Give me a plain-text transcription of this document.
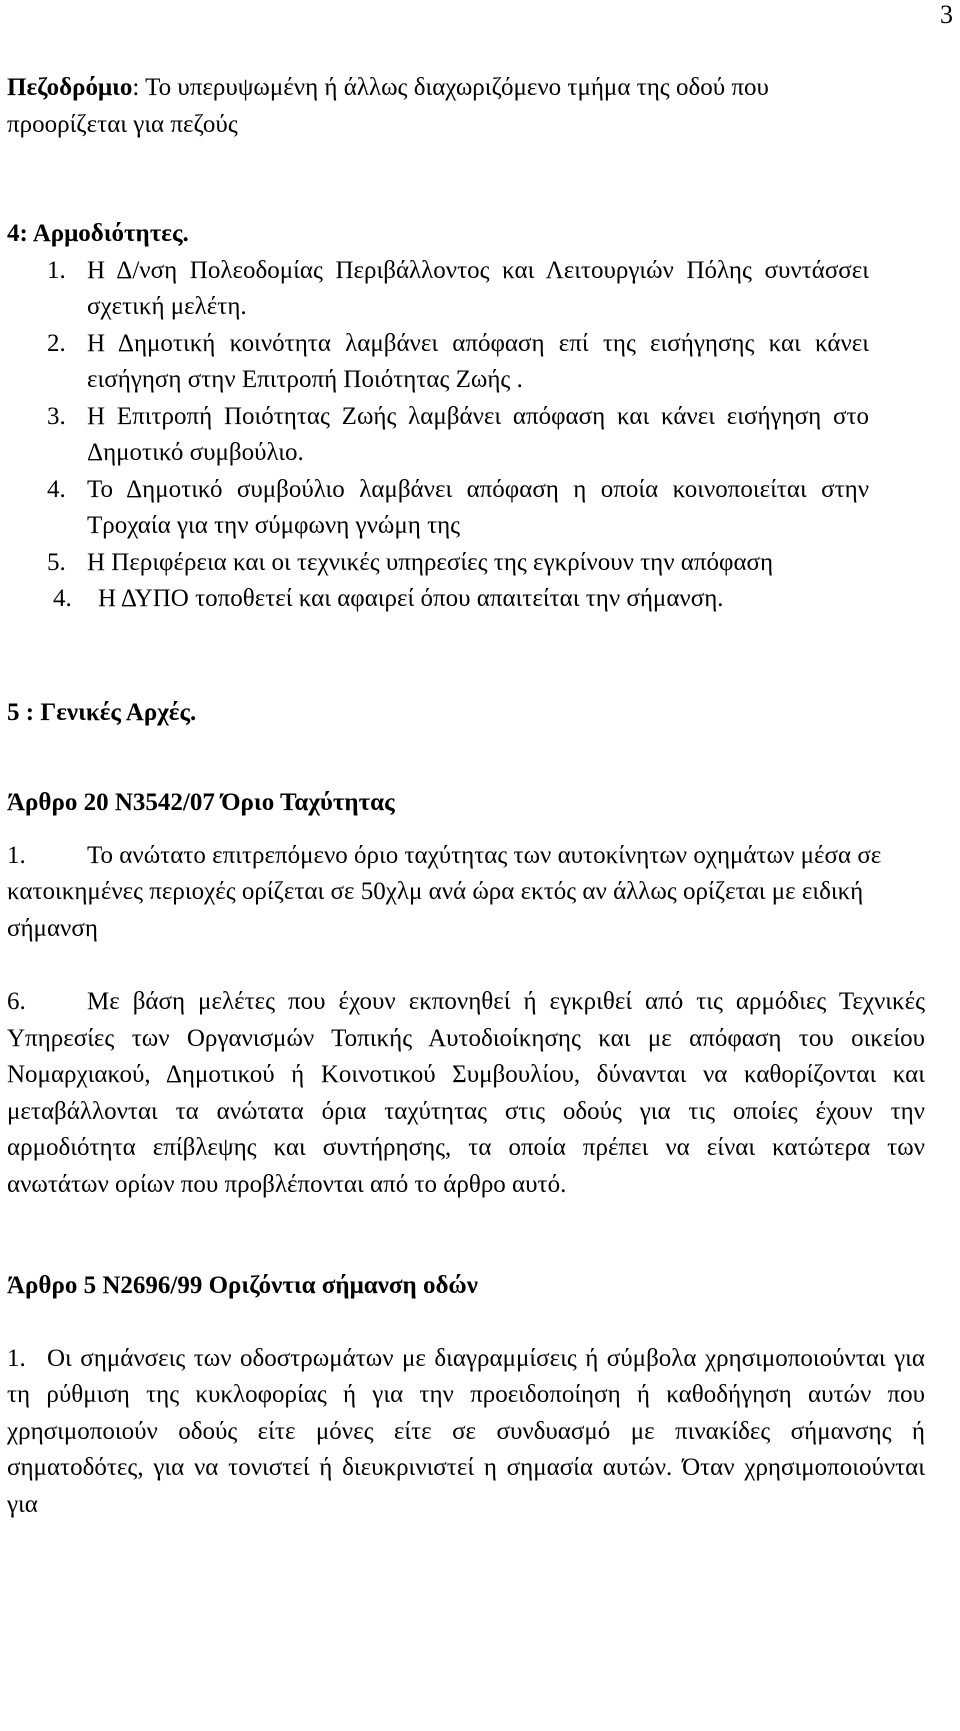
3

Πεζοδρόμιο: Το υπερυψωμένη ή άλλως διαχωριζόμενο τμήμα της οδού που προορίζεται για πεζούς

4: Αρμοδιότητες.

1. Η Δ/νση Πολεοδομίας Περιβάλλοντος και Λειτουργιών Πόλης συντάσσει σχετική μελέτη.
2. Η Δημοτική κοινότητα λαμβάνει απόφαση επί της εισήγησης και κάνει εισήγηση στην Επιτροπή Ποιότητας Ζωής .
3. Η Επιτροπή Ποιότητας Ζωής λαμβάνει απόφαση και κάνει εισήγηση στο Δημοτικό συμβούλιο.
4. Το Δημοτικό συμβούλιο λαμβάνει απόφαση η οποία κοινοποιείται στην Τροχαία για την σύμφωνη γνώμη της
5. Η Περιφέρεια και οι τεχνικές υπηρεσίες της εγκρίνουν την απόφαση
4. Η ΔΥΠΟ τοποθετεί και αφαιρεί όπου απαιτείται την σήμανση.

5 : Γενικές Αρχές.

Άρθρο 20 Ν3542/07 Όριο Ταχύτητας

1. Το ανώτατο επιτρεπόμενο όριο ταχύτητας των αυτοκίνητων οχημάτων μέσα σε κατοικημένες περιοχές ορίζεται σε 50χλμ ανά ώρα εκτός αν άλλως ορίζεται με ειδική σήμανση

6. Με βάση μελέτες που έχουν εκπονηθεί ή εγκριθεί από τις αρμόδιες Τεχνικές Υπηρεσίες των Οργανισμών Τοπικής Αυτοδιοίκησης και με απόφαση του οικείου Νομαρχιακού, Δημοτικού ή Κοινοτικού Συμβουλίου, δύνανται να καθορίζονται και μεταβάλλονται τα ανώτατα όρια ταχύτητας στις οδούς για τις οποίες έχουν την αρμοδιότητα επίβλεψης και συντήρησης, τα οποία πρέπει να είναι κατώτερα των ανωτάτων ορίων που προβλέπονται από το άρθρο αυτό.

Άρθρο 5 Ν2696/99 Οριζόντια σήμανση οδών

1. Οι σημάνσεις των οδοστρωμάτων με διαγραμμίσεις ή σύμβολα χρησιμοποιούνται για τη ρύθμιση της κυκλοφορίας ή για την προειδοποίηση ή καθοδήγηση αυτών που χρησιμοποιούν οδούς είτε μόνες είτε σε συνδυασμό με πινακίδες σήμανσης ή σηματοδότες, για να τονιστεί ή διευκρινιστεί η σημασία αυτών. Όταν χρησιμοποιούνται για
